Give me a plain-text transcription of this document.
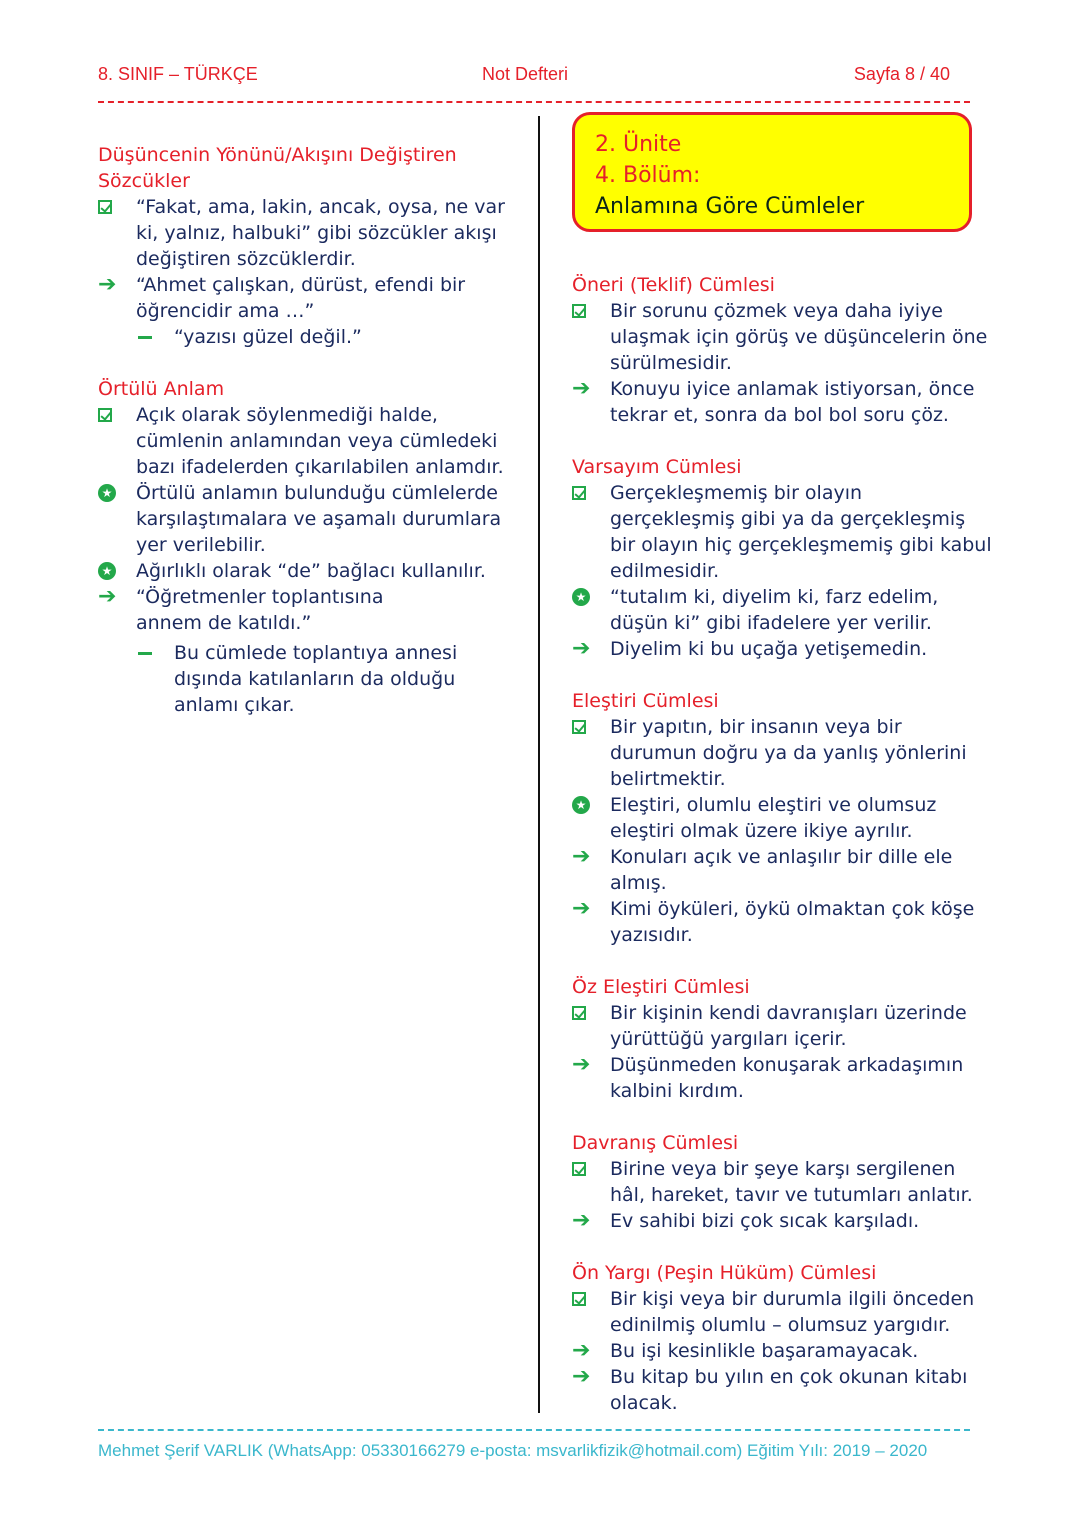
8. SINIF – TÜRKÇE	Not Defteri	Sayfa 8 / 40
Düşüncenin Yönünü/Akışını Değiştiren Sözcükler
“Fakat, ama, lakin, ancak, oysa, ne var ki, yalnız, halbuki” gibi sözcükler akışı değiştiren sözcüklerdir.
➔ “Ahmet çalışkan, dürüst, efendi bir öğrencidir ama …”
“yazısı güzel değil.”
Örtülü Anlam
Açık olarak söylenmediği halde, cümlenin anlamından veya cümledeki bazı ifadelerden çıkarılabilen anlamdır.
★ Örtülü anlamın bulunduğu cümlelerde karşılaştımalara ve aşamalı durumlara yer verilebilir.
★ Ağırlıklı olarak “de” bağlacı kullanılır.
➔ “Öğretmenler toplantısına annem de katıldı.”
Bu cümlede toplantıya annesi dışında katılanların da olduğu anlamı çıkar.
2. Ünite
4. Bölüm:
Anlamına Göre Cümleler
Öneri (Teklif) Cümlesi
Bir sorunu çözmek veya daha iyiye ulaşmak için görüş ve düşüncelerin öne sürülmesidir.
➔ Konuyu iyice anlamak istiyorsan, önce tekrar et, sonra da bol bol soru çöz.
Varsayım Cümlesi
Gerçekleşmemiş bir olayın gerçekleşmiş gibi ya da gerçekleşmiş bir olayın hiç gerçekleşmemiş gibi kabul edilmesidir.
★ “tutalım ki, diyelim ki, farz edelim, düşün ki” gibi ifadelere yer verilir.
➔ Diyelim ki bu uçağa yetişemedin.
Eleştiri Cümlesi
Bir yapıtın, bir insanın veya bir durumun doğru ya da yanlış yönlerini belirtmektir.
★ Eleştiri, olumlu eleştiri ve olumsuz eleştiri olmak üzere ikiye ayrılır.
➔ Konuları açık ve anlaşılır bir dille ele almış.
➔ Kimi öyküleri, öykü olmaktan çok köşe yazısıdır.
Öz Eleştiri Cümlesi
Bir kişinin kendi davranışları üzerinde yürüttüğü yargıları içerir.
➔ Düşünmeden konuşarak arkadaşımın kalbini kırdım.
Davranış Cümlesi
Birine veya bir şeye karşı sergilenen hâl, hareket, tavır ve tutumları anlatır.
➔ Ev sahibi bizi çok sıcak karşıladı.
Ön Yargı (Peşin Hüküm) Cümlesi
Bir kişi veya bir durumla ilgili önceden edinilmiş olumlu – olumsuz yargıdır.
➔ Bu işi kesinlikle başaramayacak.
➔ Bu kitap bu yılın en çok okunan kitabı olacak.
Mehmet Şerif VARLIK (WhatsApp: 05330166279 e-posta: msvarlikfizik@hotmail.com) Eğitim Yılı: 2019 – 2020
